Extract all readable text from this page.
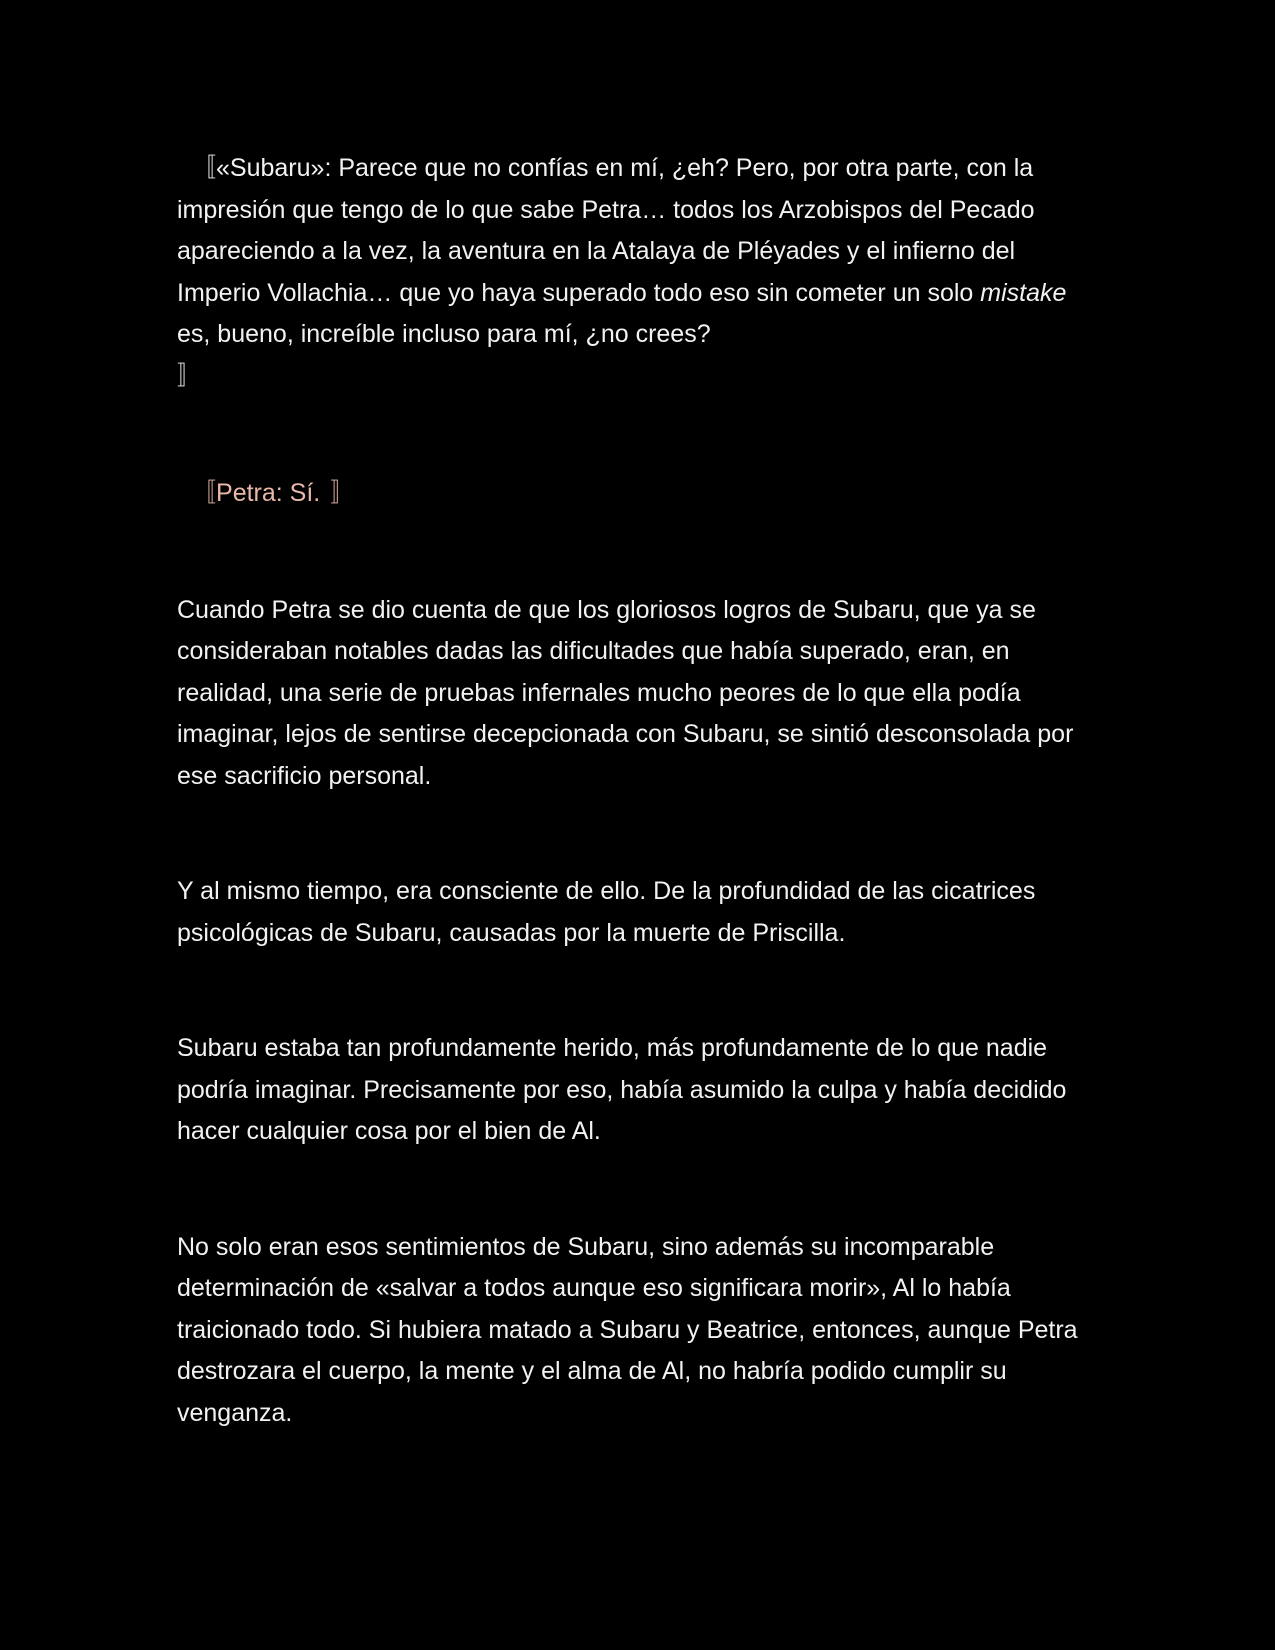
〚«Subaru»: Parece que no confías en mí, ¿eh? Pero, por otra parte, con la impresión que tengo de lo que sabe Petra… todos los Arzobispos del Pecado apareciendo a la vez, la aventura en la Atalaya de Pléyades y el infierno del Imperio Vollachia… que yo haya superado todo eso sin cometer un solo mistake es, bueno, increíble incluso para mí, ¿no crees?
〛

〚Petra: Sí. 〛

Cuando Petra se dio cuenta de que los gloriosos logros de Subaru, que ya se consideraban notables dadas las dificultades que había superado, eran, en realidad, una serie de pruebas infernales mucho peores de lo que ella podía imaginar, lejos de sentirse decepcionada con Subaru, se sintió desconsolada por ese sacrificio personal.

Y al mismo tiempo, era consciente de ello. De la profundidad de las cicatrices psicológicas de Subaru, causadas por la muerte de Priscilla.

Subaru estaba tan profundamente herido, más profundamente de lo que nadie podría imaginar. Precisamente por eso, había asumido la culpa y había decidido hacer cualquier cosa por el bien de Al.

No solo eran esos sentimientos de Subaru, sino además su incomparable determinación de «salvar a todos aunque eso significara morir», Al lo había traicionado todo. Si hubiera matado a Subaru y Beatrice, entonces, aunque Petra destrozara el cuerpo, la mente y el alma de Al, no habría podido cumplir su venganza.
